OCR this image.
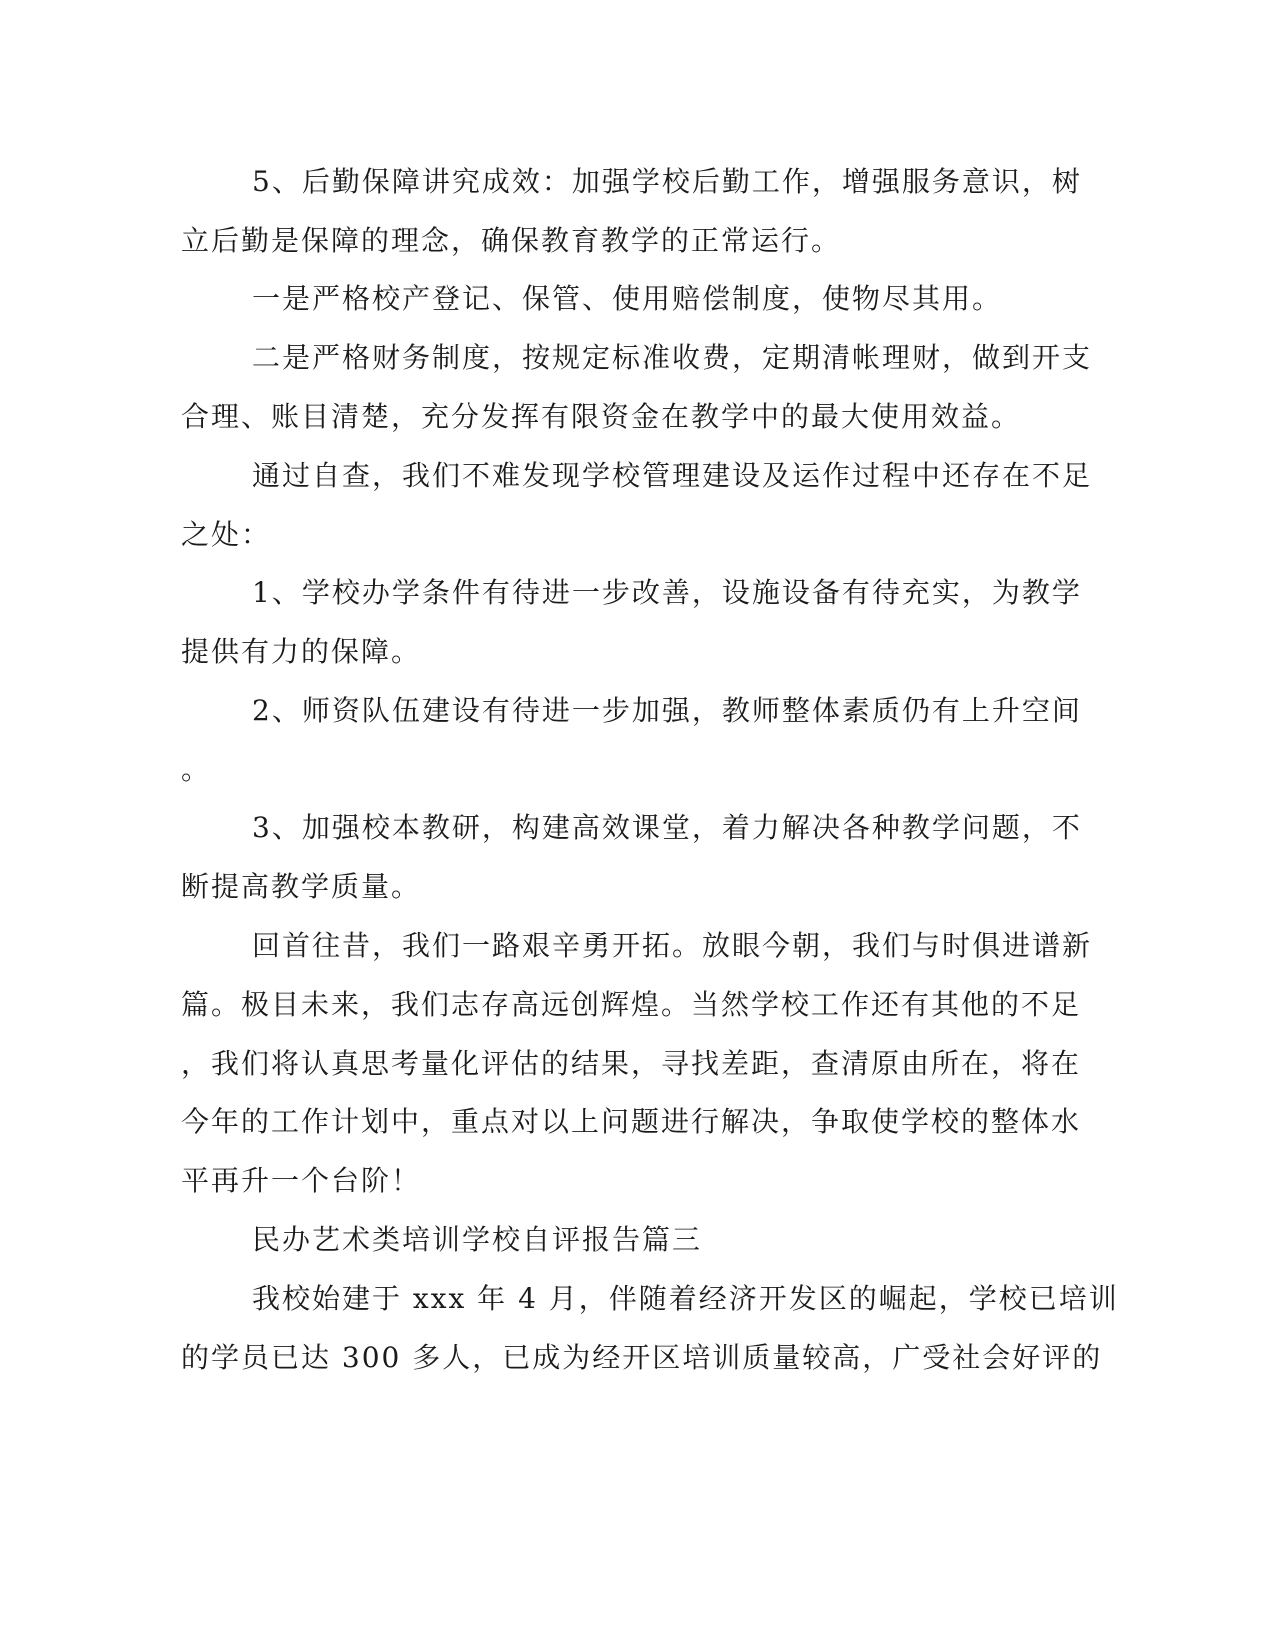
5、后勤保障讲究成效：加强学校后勤工作，增强服务意识，树
立后勤是保障的理念，确保教育教学的正常运行。
一是严格校产登记、保管、使用赔偿制度，使物尽其用。
二是严格财务制度，按规定标准收费，定期清帐理财，做到开支
合理、账目清楚，充分发挥有限资金在教学中的最大使用效益。
通过自查，我们不难发现学校管理建设及运作过程中还存在不足
之处：
1、学校办学条件有待进一步改善，设施设备有待充实，为教学
提供有力的保障。
2、师资队伍建设有待进一步加强，教师整体素质仍有上升空间
。
3、加强校本教研，构建高效课堂，着力解决各种教学问题，不
断提高教学质量。
回首往昔，我们一路艰辛勇开拓。放眼今朝，我们与时俱进谱新
篇。极目未来，我们志存高远创辉煌。当然学校工作还有其他的不足
，我们将认真思考量化评估的结果，寻找差距，查清原由所在，将在
今年的工作计划中，重点对以上问题进行解决，争取使学校的整体水
平再升一个台阶！
民办艺术类培训学校自评报告篇三
我校始建于 xxx 年 4 月，伴随着经济开发区的崛起，学校已培训
的学员已达 300 多人，已成为经开区培训质量较高，广受社会好评的
